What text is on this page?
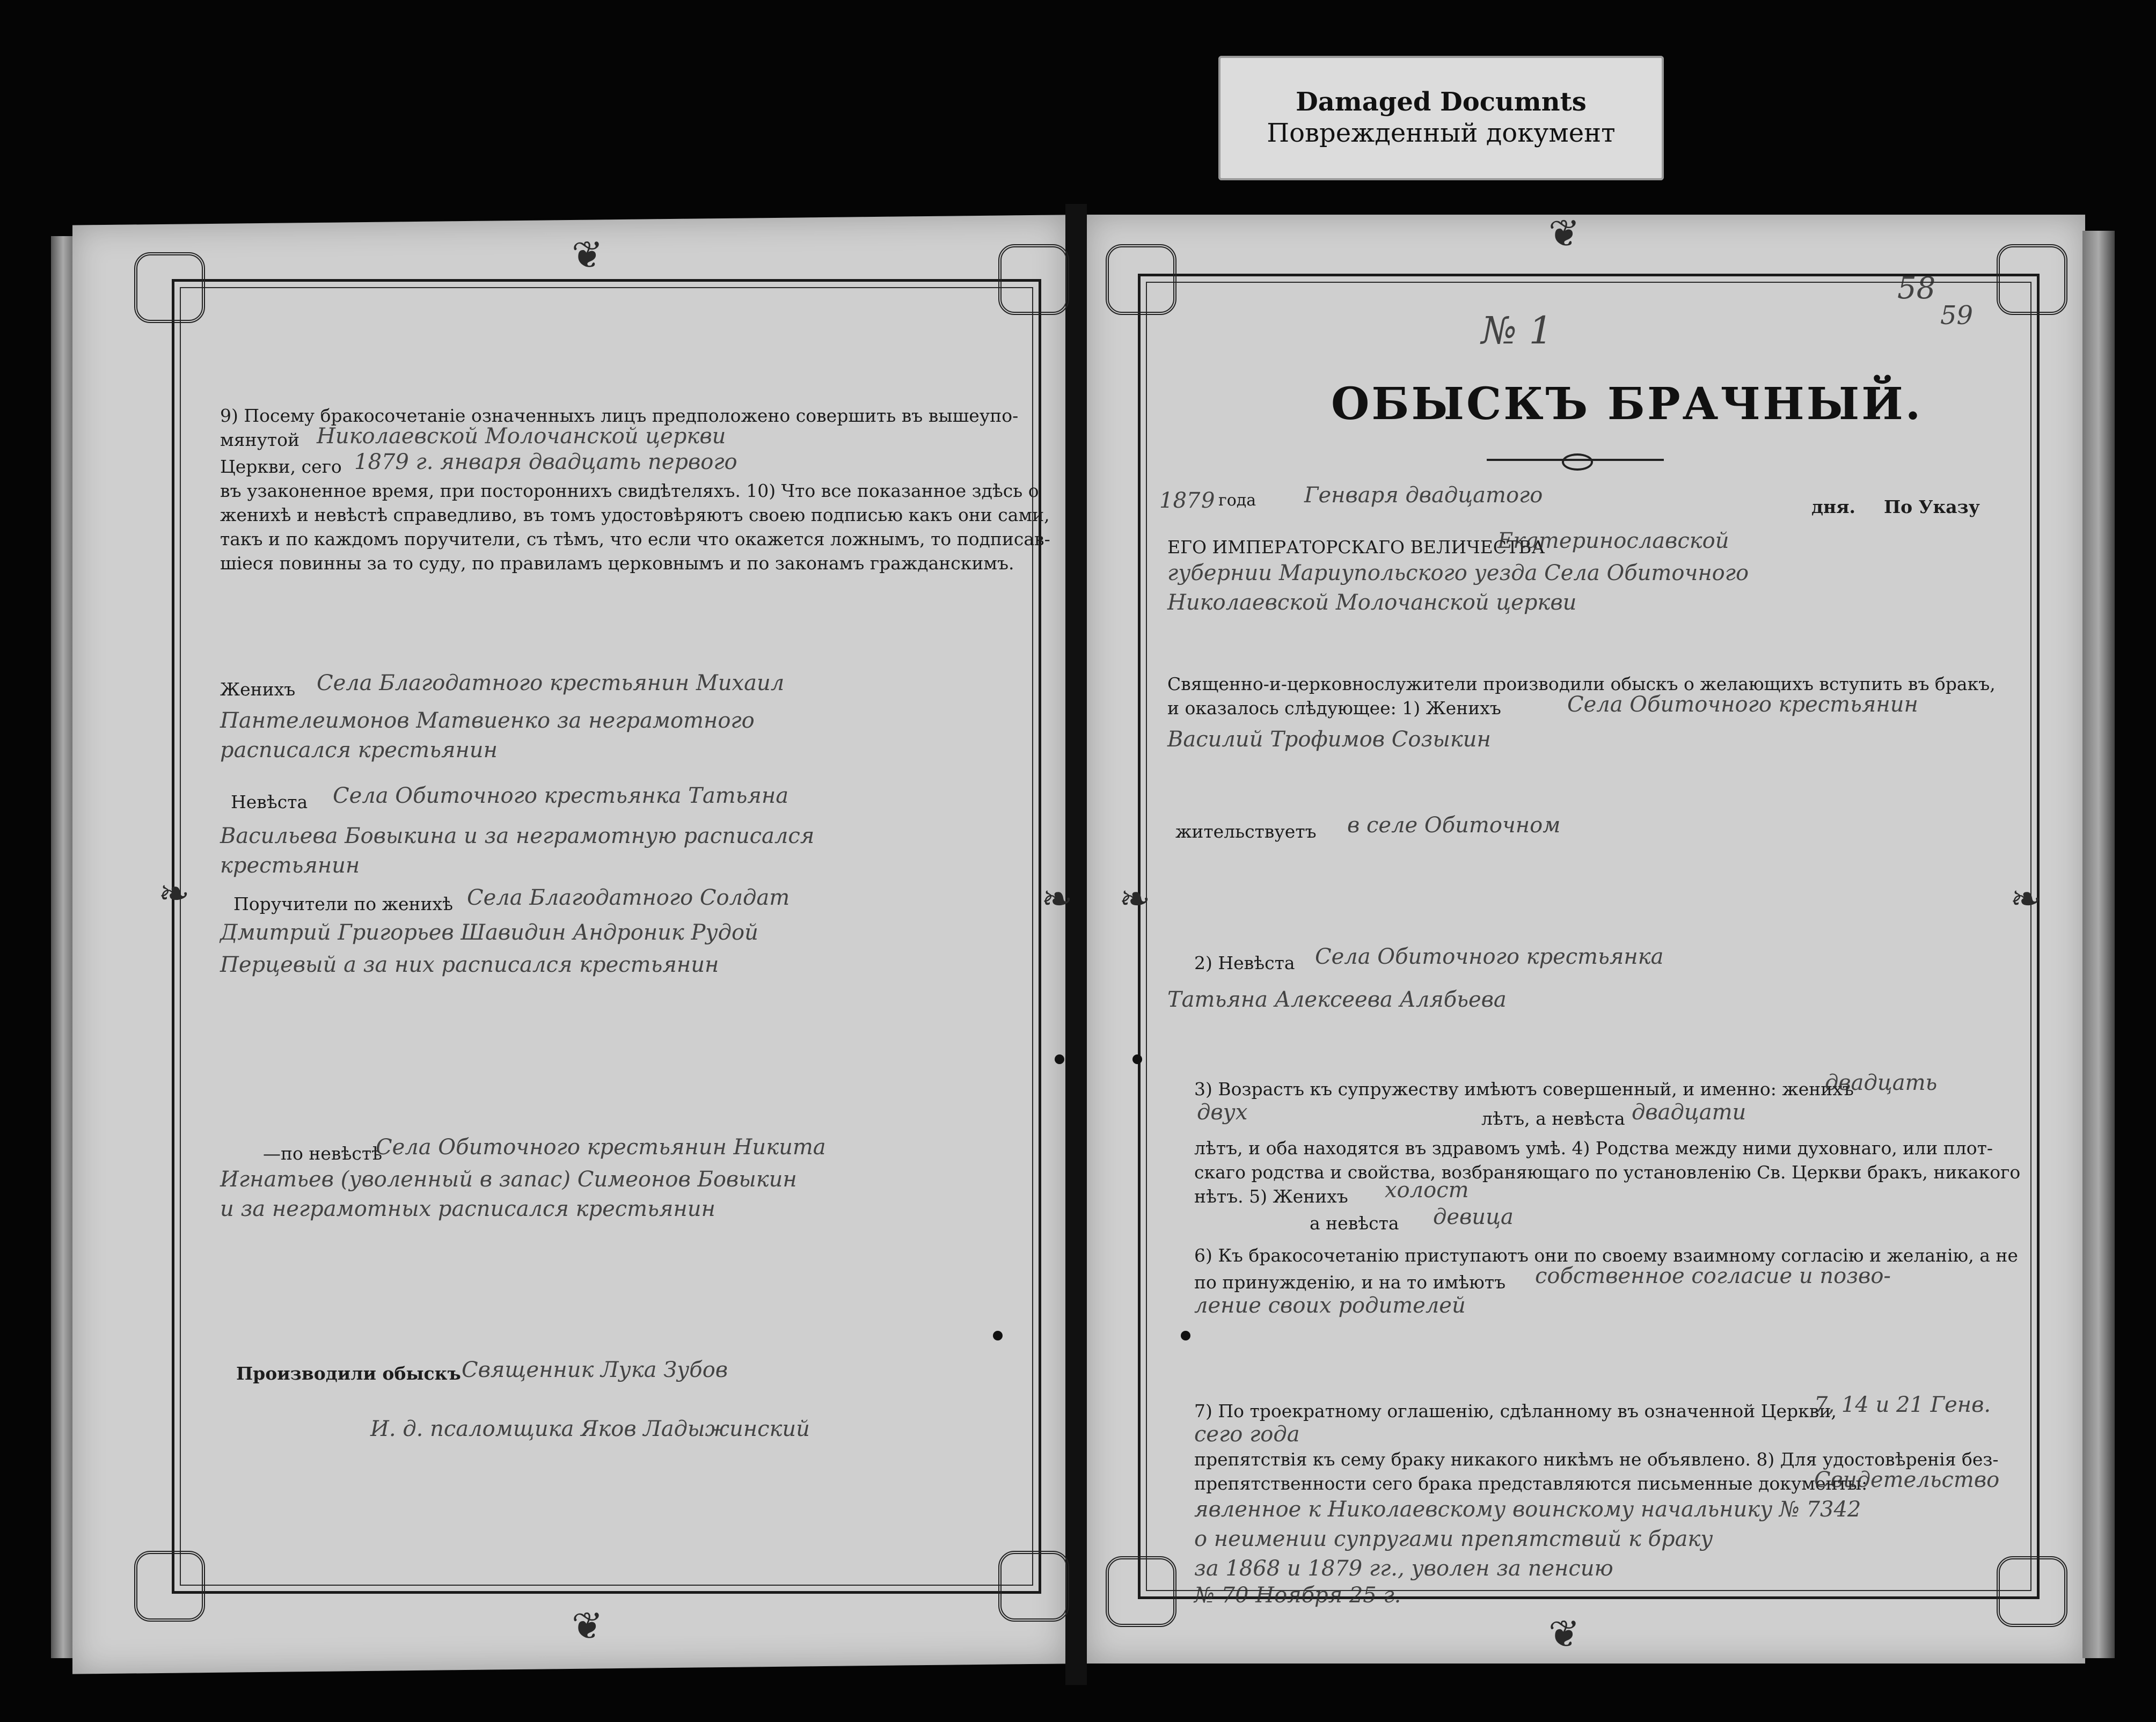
Damaged Documnts
Поврежденный документ
❦	❦
❧	❧ ❧	❧
❦	❦
9) Посему бракосочетаніе означенныхъ лицъ предположено совершить въ вышеупо-
мянутой Николаевской Молочанской церкви
Церкви, сего 1879 г. января двадцать первого
въ узаконенное время, при постороннихъ свидѣтеляхъ. 10) Что все показанное здѣсь о
женихѣ и невѣстѣ справедливо, въ томъ удостовѣряютъ своею подписью какъ они сами,
такъ и по каждомъ поручители, съ тѣмъ, что если что окажется ложнымъ, то подписав-
шіеся повинны за то суду, по правиламъ церковнымъ и по законамъ гражданскимъ.
Женихъ Села Благодатного крестьянин Михаил
Пантелеимонов Матвиенко за неграмотного
расписался крестьянин
Невѣста Села Обиточного крестьянка Татьяна
Васильева Бовыкина и за неграмотную расписался
крестьянин
Поручители по женихѣ Села Благодатного Солдат
Дмитрий Григорьев Шавидин Андроник Рудой
Перцевый а за них расписался крестьянин
—по невѣстѣ
Села Обиточного крестьянин Никита
Игнатьев (уволенный в запас) Симеонов Бовыкин
и за неграмотных расписался крестьянин
Производили обыскъ Священник Лука Зубов
И. д. псаломщика Яков Ладыжинский
58
59
№ 1
ОБЫСКЪ БРАЧНЫЙ.
187 9 года Генваря двадцатого	дня. По Указу
ЕГО ИМПЕРАТОРСКАГО ВЕЛИЧЕСТВА
Екатеринославской
губернии Мариупольского уезда Села Обиточного
Николаевской Молочанской церкви
Священно-и-церковнослужители производили обыскъ о желающихъ вступить въ бракъ,
и оказалось слѣдующее: 1) Женихъ	Села Обиточного крестьянин
Василий Трофимов Созыкин
жительствуетъ в селе Обиточном
2) Невѣста Села Обиточного крестьянка
Татьяна Алексеева Алябьева
3) Возрастъ къ супружеству имѣютъ совершенный, и именно: женихъ
двадцать
двух	лѣтъ, а невѣста двадцати
лѣтъ, и оба находятся въ здравомъ умѣ. 4) Родства между ними духовнаго, или плот-
скаго родства и свойства, возбраняющаго по установленію Св. Церкви бракъ, никакого
нѣтъ. 5) Женихъ холост
а невѣста девица
6) Къ бракосочетанію приступаютъ они по своему взаимному согласію и желанію, а не
по принужденію, и на то имѣютъ собственное согласие и позво-
ление своих родителей
7) По троекратному оглашенію, сдѣланному въ означенной Церкви,
7, 14 и 21 Генв.
сего года
препятствія къ сему браку никакого никѣмъ не объявлено. 8) Для удостовѣренія без-
препятственности сего брака представляются письменные документы:
Свидетельство
явленное к Николаевскому воинскому начальнику № 7342
о неимении супругами препятствий к браку
за 1868 и 1879 гг., уволен за пенсию
№ 70 Ноября 25 г.
